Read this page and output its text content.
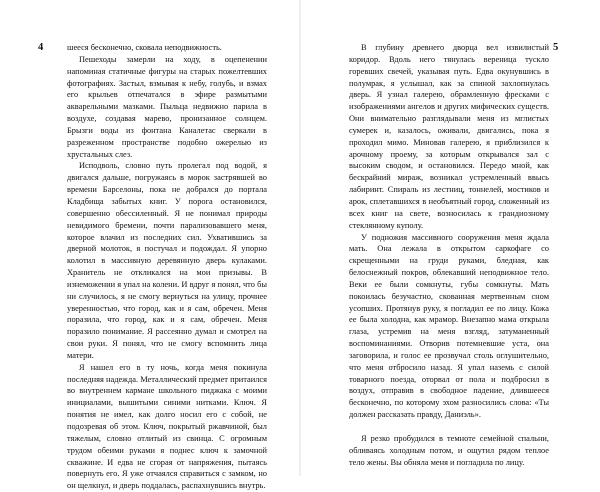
4	шееся бесконечно, сковала неподвижность.

Пешеходы замерли на ходу, в оцепенении напоминая статичные фигуры на старых пожелтевших фотографиях. Застыл, взмывая к небу, голубь, и взмах его крыльев отпечатался в эфире размытыми акварельными мазками. Пыльца недвижно парила в воздухе, создавая марево, пронизанное солнцем. Брызги воды из фонтана Каналетас сверкали в разреженном пространстве подобно ожерелью из хрустальных слез.

Исподволь, словно путь пролегал под водой, я двигался дальше, погружаясь в морок застрявшей во времени Барселоны, пока не добрался до портала Кладбища забытых книг. У порога остановился, совершенно обессиленный. Я не понимал природы невидимого бремени, почти парализовавшего меня, которое влачил из последних сил. Ухватившись за дверной молоток, я постучал и подождал. Я упорно колотил в массивную деревянную дверь кулаками. Хранитель не откликался на мои призывы. В изнеможении я упал на колени. И вдруг я понял, что бы ни случилось, я не смогу вернуться на улицу, прочнее уверенностью, что город, как и я сам, обречен. Меня поразила, что город, как и я сам, обречен. Меня поразило понимание. Я рассеянно думал и смотрел на свои руки. Я понял, что не смогу вспомнить лица матери.

Я нашел его в ту ночь, когда меня покинула последняя надежда. Металлический предмет притаился во внутреннем кармане школьного пиджака с моими инициалами, вышитыми синими нитками. Ключ. Я понятия не имел, как долго носил его с собой, не подозревая об этом. Ключ, покрытый ржавчиной, был тяжелым, словно отлитый из свинца. С огромным трудом обеими руками я поднес ключ к замочной скважине. И едва не сгорая от напряжения, пытаясь повернуть его. Я уже отчаялся справиться с замком, но он щелкнул, и дверь поддалась, распахнувшись внутрь.

5

В глубину древнего дворца вел извилистый коридор. Вдоль него тянулась вереница тускло горевших свечей, указывая путь. Едва окунувшись в полумрак, я услышал, как за спиной захлопнулась дверь. Я узнал галерею, обрамленную фресками с изображениями ангелов и других мифических существ. Они внимательно разглядывали меня из мглистых сумерек и, казалось, оживали, двигались, пока я проходил мимо. Миновав галерею, я приблизился к арочному проему, за которым открывался зал с высоким сводом, и остановился. Передо мной, как бескрайний мираж, возникал устремленный ввысь лабиринт. Спираль из лестниц, тоннелей, мостиков и арок, сплетавшихся в необъятный город, сложенный из всех книг на свете, возносилась к грандиозному стеклянному куполу.

У подножия массивного сооружения меня ждала мать. Она лежала в открытом саркофаге со скрещенными на груди руками, бледная, как белоснежный покров, облекавший неподвижное тело. Веки ее были сомкнуты, губы сомкнуты. Мать покоилась безучастно, скованная мертвенным сном усопших. Протянув руку, я погладил ее по лицу. Кожа ее была холодна, как мрамор. Внезапно мама открыла глаза, устремив на меня взгляд, затуманенный воспоминаниями. Отворив потемневшие уста, она заговорила, и голос ее прозвучал столь оглушительно, что меня отбросило назад. Я упал наземь с силой товарного поезда, оторвал от пола и подбросил в воздух, отправив в свободное падение, длившееся бесконечно, по которому эхом разносились слова: «Ты должен рассказать правду, Даниэль».

Я резко пробудился в темноте семейной спальни, обливаясь холодным потом, и ощутил рядом теплое тело жены. Вы обняла меня и погладила по лицу.
